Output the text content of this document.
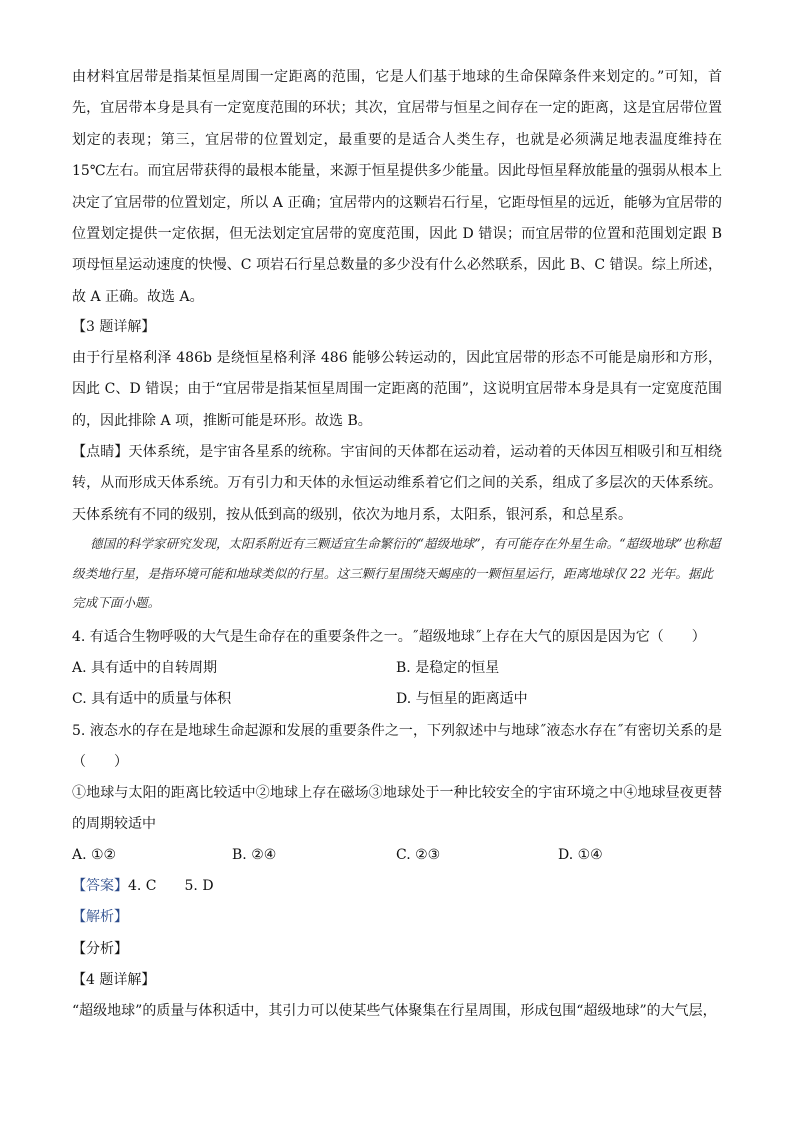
由材料宜居带是指某恒星周围一定距离的范围，它是人们基于地球的生命保障条件来划定的。”可知，首先，宜居带本身是具有一定宽度范围的环状；其次，宜居带与恒星之间存在一定的距离，这是宜居带位置划定的表现；第三，宜居带的位置划定，最重要的是适合人类生存，也就是必须满足地表温度维持在 15℃左右。而宜居带获得的最根本能量，来源于恒星提供多少能量。因此母恒星释放能量的强弱从根本上决定了宜居带的位置划定，所以 A 正确；宜居带内的这颗岩石行星，它距母恒星的远近，能够为宜居带的位置划定提供一定依据，但无法划定宜居带的宽度范围，因此 D 错误；而宜居带的位置和范围划定跟 B 项母恒星运动速度的快慢、C 项岩石行星总数量的多少没有什么必然联系，因此 B、C 错误。综上所述，故 A 正确。故选 A。

【3 题详解】

由于行星格利泽 486b 是绕恒星格利泽 486 能够公转运动的，因此宜居带的形态不可能是扇形和方形，因此 C、D 错误；由于“宜居带是指某恒星周围一定距离的范围”，这说明宜居带本身是具有一定宽度范围的，因此排除 A 项，推断可能是环形。故选 B。

【点睛】天体系统，是宇宙各星系的统称。宇宙间的天体都在运动着，运动着的天体因互相吸引和互相绕转，从而形成天体系统。万有引力和天体的永恒运动维系着它们之间的关系，组成了多层次的天体系统。天体系统有不同的级别，按从低到高的级别，依次为地月系，太阳系，银河系，和总星系。

德国的科学家研究发现，太阳系附近有三颗适宜生命繁衍的“超级地球”，有可能存在外星生命。“超级地球”也称超级类地行星，是指环境可能和地球类似的行星。这三颗行星围绕天蝎座的一颗恒星运行，距离地球仅 22 光年。据此完成下面小题。

4. 有适合生物呼吸的大气是生命存在的重要条件之一。˝超级地球˝上存在大气的原因是因为它（　　）

A. 具有适中的自转周期	B. 是稳定的恒星
C. 具有适中的质量与体积	D. 与恒星的距离适中

5. 液态水的存在是地球生命起源和发展的重要条件之一，下列叙述中与地球˝液态水存在˝有密切关系的是（　　）

①地球与太阳的距离比较适中②地球上存在磁场③地球处于一种比较安全的宇宙环境之中④地球昼夜更替的周期较适中

A. ①②	B. ②④	C. ②③	D. ①④

【答案】4. C　　5. D

【解析】

【分析】

【4 题详解】

“超级地球”的质量与体积适中，其引力可以使某些气体聚集在行星周围，形成包围“超级地球”的大气层，
